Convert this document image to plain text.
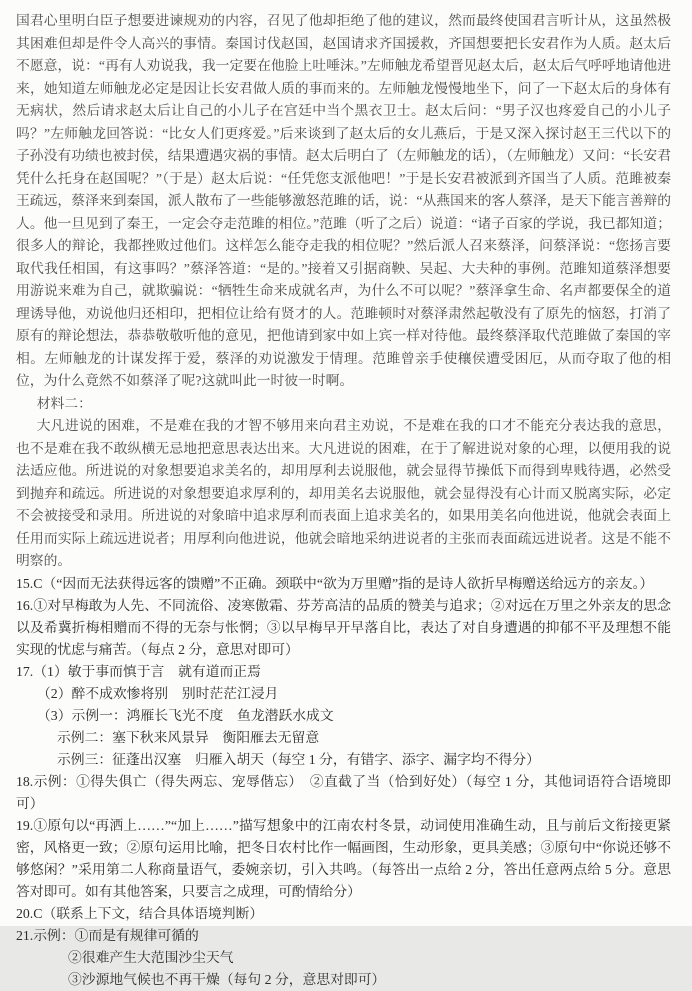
国君心里明白臣子想要进谏规劝的内容，召见了他却拒绝了他的建议，然而最终使国君言听计从，这虽然极其困难但却是件令人高兴的事情。秦国讨伐赵国，赵国请求齐国援救，齐国想要把长安君作为人质。赵太后不愿意，说：“再有人劝说我，我一定要在他脸上吐唾沫。”左师触龙希望晋见赵太后，赵太后气呼呼地请他进来，她知道左师触龙必定是因让长安君做人质的事而来的。左师触龙慢慢地坐下，问了一下赵太后的身体有无病状，然后请求赵太后让自己的小儿子在宫廷中当个黑衣卫士。赵太后问：“男子汉也疼爱自己的小儿子吗？”左师触龙回答说：“比女人们更疼爱。”后来谈到了赵太后的女儿燕后，于是又深入探讨赵王三代以下的子孙没有功绩也被封侯，结果遭遇灾祸的事情。赵太后明白了（左师触龙的话），（左师触龙）又问：“长安君凭什么托身在赵国呢？”（于是）赵太后说：“任凭您支派他吧！”于是长安君被派到齐国当了人质。范雎被秦王疏远，蔡泽来到秦国，派人散布了一些能够激怒范雎的话，说：“从燕国来的客人蔡泽，是天下能言善辩的人。他一旦见到了秦王，一定会夺走范雎的相位。”范雎（听了之后）说道：“诸子百家的学说，我已都知道；很多人的辩论，我都挫败过他们。这样怎么能夺走我的相位呢？”然后派人召来蔡泽，问蔡泽说：“您扬言要取代我任相国，有这事吗？”蔡泽答道：“是的。”接着又引据商鞅、吴起、大夫种的事例。范雎知道蔡泽想要用游说来难为自己，就欺骗说：“牺牲生命来成就名声，为什么不可以呢？”蔡泽拿生命、名声都要保全的道理诱导他，劝说他归还相印，把相位让给有贤才的人。范雎顿时对蔡泽肃然起敬没有了原先的恼怒，打消了原有的辩论想法，恭恭敬敬听他的意见，把他请到家中如上宾一样对待他。最终蔡泽取代范雎做了秦国的宰相。左师触龙的计谋发挥于爱，蔡泽的劝说激发于情理。范雎曾亲手使穰侯遭受困厄，从而夺取了他的相位，为什么竟然不如蔡泽了呢?这就叫此一时彼一时啊。

材料二：

大凡进说的困难，不是难在我的才智不够用来向君主劝说，不是难在我的口才不能充分表达我的意思，也不是难在我不敢纵横无忌地把意思表达出来。大凡进说的困难，在于了解进说对象的心理，以便用我的说法适应他。所进说的对象想要追求美名的，却用厚利去说服他，就会显得节操低下而得到卑贱待遇，必然受到抛弃和疏远。所进说的对象想要追求厚利的，却用美名去说服他，就会显得没有心计而又脱离实际，必定不会被接受和录用。所进说的对象暗中追求厚利而表面上追求美名的，如果用美名向他进说，他就会表面上任用而实际上疏远进说者；用厚利向他进说，他就会暗地采纳进说者的主张而表面疏远进说者。这是不能不明察的。

15.C（“因而无法获得远客的馈赠”不正确。颈联中“欲为万里赠”指的是诗人欲折早梅赠送给远方的亲友。）

16.①对早梅敢为人先、不同流俗、凌寒傲霜、芬芳高洁的品质的赞美与追求；②对远在万里之外亲友的思念以及希冀折梅相赠而不得的无奈与怅惘；③以早梅早开早落自比，表达了对自身遭遇的抑郁不平及理想不能实现的忧虑与痛苦。（每点 2 分，意思对即可）

17.（1）敏于事而慎于言　就有道而正焉

（2）醉不成欢惨将别　别时茫茫江浸月

（3）示例一：鸿雁长飞光不度　鱼龙潜跃水成文

示例二：塞下秋来风景异　衡阳雁去无留意

示例三：征蓬出汉塞　归雁入胡天（每空 1 分，有错字、添字、漏字均不得分）

18.示例：①得失俱亡（得失两忘、宠辱偕忘）　②直截了当（恰到好处）（每空 1 分，其他词语符合语境即可）

19.①原句以“再洒上……”“加上……”描写想象中的江南农村冬景，动词使用准确生动，且与前后文衔接更紧密，风格更一致；②原句运用比喻，把冬日农村比作一幅画图，生动形象，更具美感；③原句中“你说还够不够悠闲？”采用第二人称商量语气，委婉亲切，引入共鸣。（每答出一点给 2 分，答出任意两点给 5 分。意思答对即可。如有其他答案，只要言之成理，可酌情给分）

20.C（联系上下文，结合具体语境判断）

21.示例：①而是有规律可循的

②很难产生大范围沙尘天气

③沙源地气候也不再干燥（每句 2 分，意思对即可）
